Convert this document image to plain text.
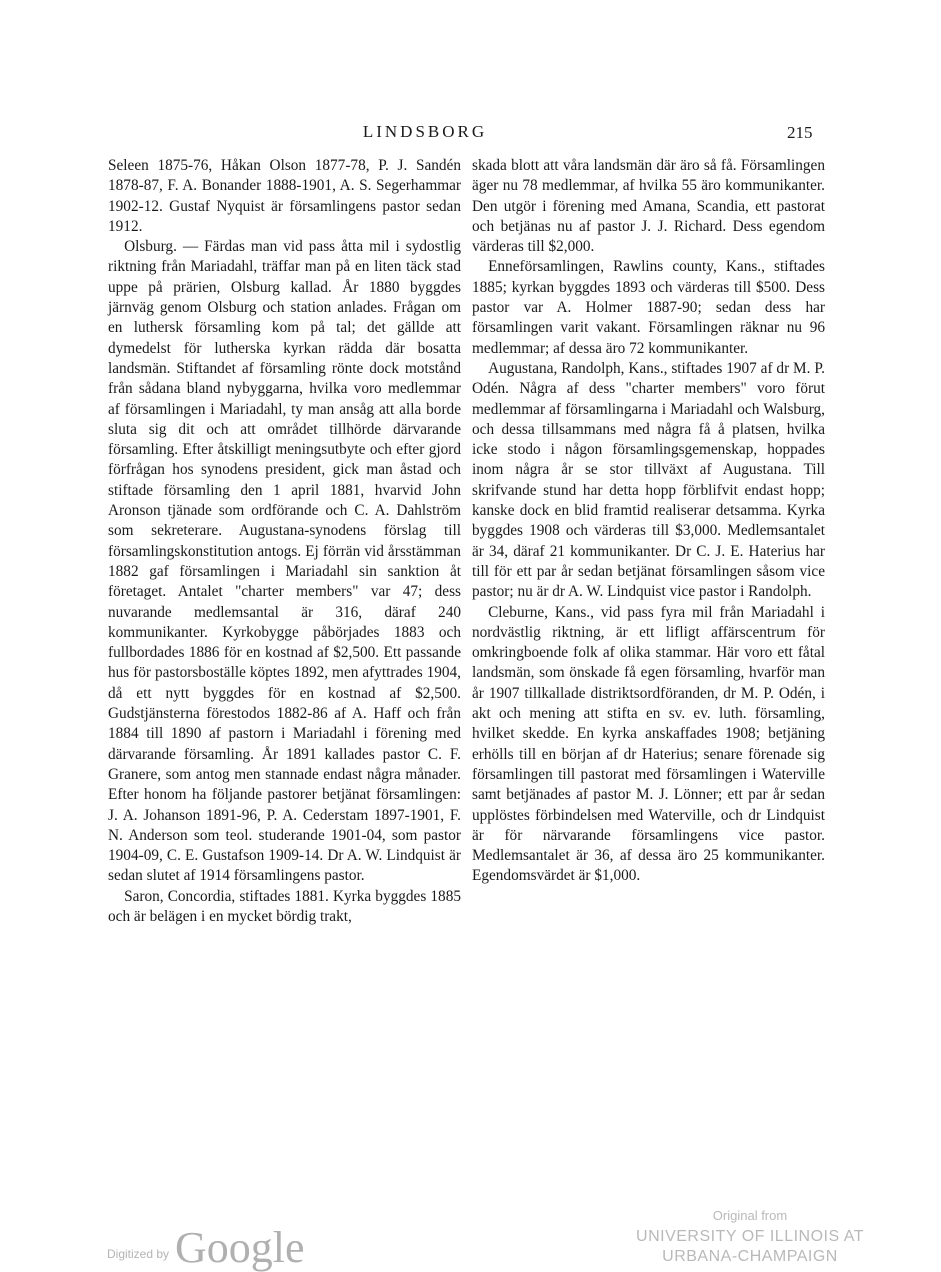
LINDSBORG	215

Seleen 1875-76, Håkan Olson 1877-78, P. J. Sandén 1878-87, F. A. Bonander 1888-1901, A. S. Segerhammar 1902-12. Gustaf Nyquist är församlingens pastor sedan 1912.

Olsburg. — Färdas man vid pass åtta mil i sydostlig riktning från Mariadahl, träffar man på en liten täck stad uppe på prärien, Olsburg kallad. År 1880 byggdes järnväg genom Olsburg och station anlades. Frågan om en luthersk församling kom på tal; det gällde att dymedelst för lutherska kyrkan rädda där bosatta landsmän. Stiftandet af församling rönte dock motstånd från sådana bland nybyggarna, hvilka voro medlemmar af församlingen i Mariadahl, ty man ansåg att alla borde sluta sig dit och att området tillhörde därvarande församling. Efter åtskilligt meningsutbyte och efter gjord förfrågan hos synodens president, gick man åstad och stiftade församling den 1 april 1881, hvarvid John Aronson tjänade som ordförande och C. A. Dahlström som sekreterare. Augustana-synodens förslag till församlingskonstitution antogs. Ej förrän vid årsstämman 1882 gaf församlingen i Mariadahl sin sanktion åt företaget. Antalet "charter members" var 47; dess nuvarande medlemsantal är 316, däraf 240 kommunikanter. Kyrkobygge påbörjades 1883 och fullbordades 1886 för en kostnad af $2,500. Ett passande hus för pastorsboställe köptes 1892, men afyttrades 1904, då ett nytt byggdes för en kostnad af $2,500. Gudstjänsterna förestodos 1882-86 af A. Haff och från 1884 till 1890 af pastorn i Mariadahl i förening med därvarande församling. År 1891 kallades pastor C. F. Granere, som antog men stannade endast några månader. Efter honom ha följande pastorer betjänat församlingen: J. A. Johanson 1891-96, P. A. Cederstam 1897-1901, F. N. Anderson som teol. studerande 1901-04, som pastor 1904-09, C. E. Gustafson 1909-14. Dr A. W. Lindquist är sedan slutet af 1914 församlingens pastor.

Saron, Concordia, stiftades 1881. Kyrka byggdes 1885 och är belägen i en mycket bördig trakt,

skada blott att våra landsmän där äro så få. Församlingen äger nu 78 medlemmar, af hvilka 55 äro kommunikanter. Den utgör i förening med Amana, Scandia, ett pastorat och betjänas nu af pastor J. J. Richard. Dess egendom värderas till $2,000.

Enneförsamlingen, Rawlins county, Kans., stiftades 1885; kyrkan byggdes 1893 och värderas till $500. Dess pastor var A. Holmer 1887-90; sedan dess har församlingen varit vakant. Församlingen räknar nu 96 medlemmar; af dessa äro 72 kommunikanter.

Augustana, Randolph, Kans., stiftades 1907 af dr M. P. Odén. Några af dess "charter members" voro förut medlemmar af församlingarna i Mariadahl och Walsburg, och dessa tillsammans med några få å platsen, hvilka icke stodo i någon församlingsgemenskap, hoppades inom några år se stor tillväxt af Augustana. Till skrifvande stund har detta hopp förblifvit endast hopp; kanske dock en blid framtid realiserar detsamma. Kyrka byggdes 1908 och värderas till $3,000. Medlemsantalet är 34, däraf 21 kommunikanter. Dr C. J. E. Haterius har till för ett par år sedan betjänat församlingen såsom vice pastor; nu är dr A. W. Lindquist vice pastor i Randolph.

Cleburne, Kans., vid pass fyra mil från Mariadahl i nordvästlig riktning, är ett lifligt affärscentrum för omkringboende folk af olika stammar. Här voro ett fåtal landsmän, som önskade få egen församling, hvarför man år 1907 tillkallade distriktsordföranden, dr M. P. Odén, i akt och mening att stifta en sv. ev. luth. församling, hvilket skedde. En kyrka anskaffades 1908; betjäning erhölls till en början af dr Haterius; senare förenade sig församlingen till pastorat med församlingen i Waterville samt betjänades af pastor M. J. Lönner; ett par år sedan upplöstes förbindelsen med Waterville, och dr Lindquist är för närvarande församlingens vice pastor. Medlemsantalet är 36, af dessa äro 25 kommunikanter. Egendomsvärdet är $1,000.

Digitized by Google
Original from
UNIVERSITY OF ILLINOIS AT
URBANA-CHAMPAIGN
